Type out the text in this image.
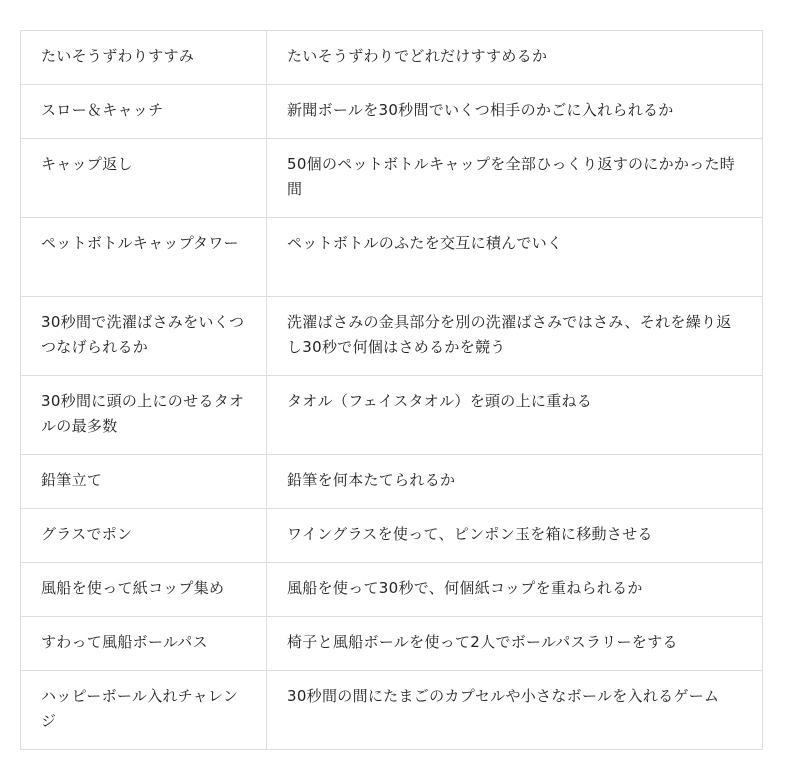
たいそうずわりすすみ	たいそうずわりでどれだけすすめるか
スロー＆キャッチ	新聞ボールを30秒間でいくつ相手のかごに入れられるか
キャップ返し	50個のペットボトルキャップを全部ひっくり返すのにかかった時間
ペットボトルキャップタワー	ペットボトルのふたを交互に積んでいく
30秒間で洗濯ばさみをいくつつなげられるか	洗濯ばさみの金具部分を別の洗濯ばさみではさみ、それを繰り返し30秒で何個はさめるかを競う
30秒間に頭の上にのせるタオルの最多数	タオル（フェイスタオル）を頭の上に重ねる
鉛筆立て	鉛筆を何本たてられるか
グラスでポン	ワイングラスを使って、ピンポン玉を箱に移動させる
風船を使って紙コップ集め	風船を使って30秒で、何個紙コップを重ねられるか
すわって風船ボールパス	椅子と風船ボールを使って2人でボールパスラリーをする
ハッピーボール入れチャレンジ	30秒間の間にたまごのカプセルや小さなボールを入れるゲーム
